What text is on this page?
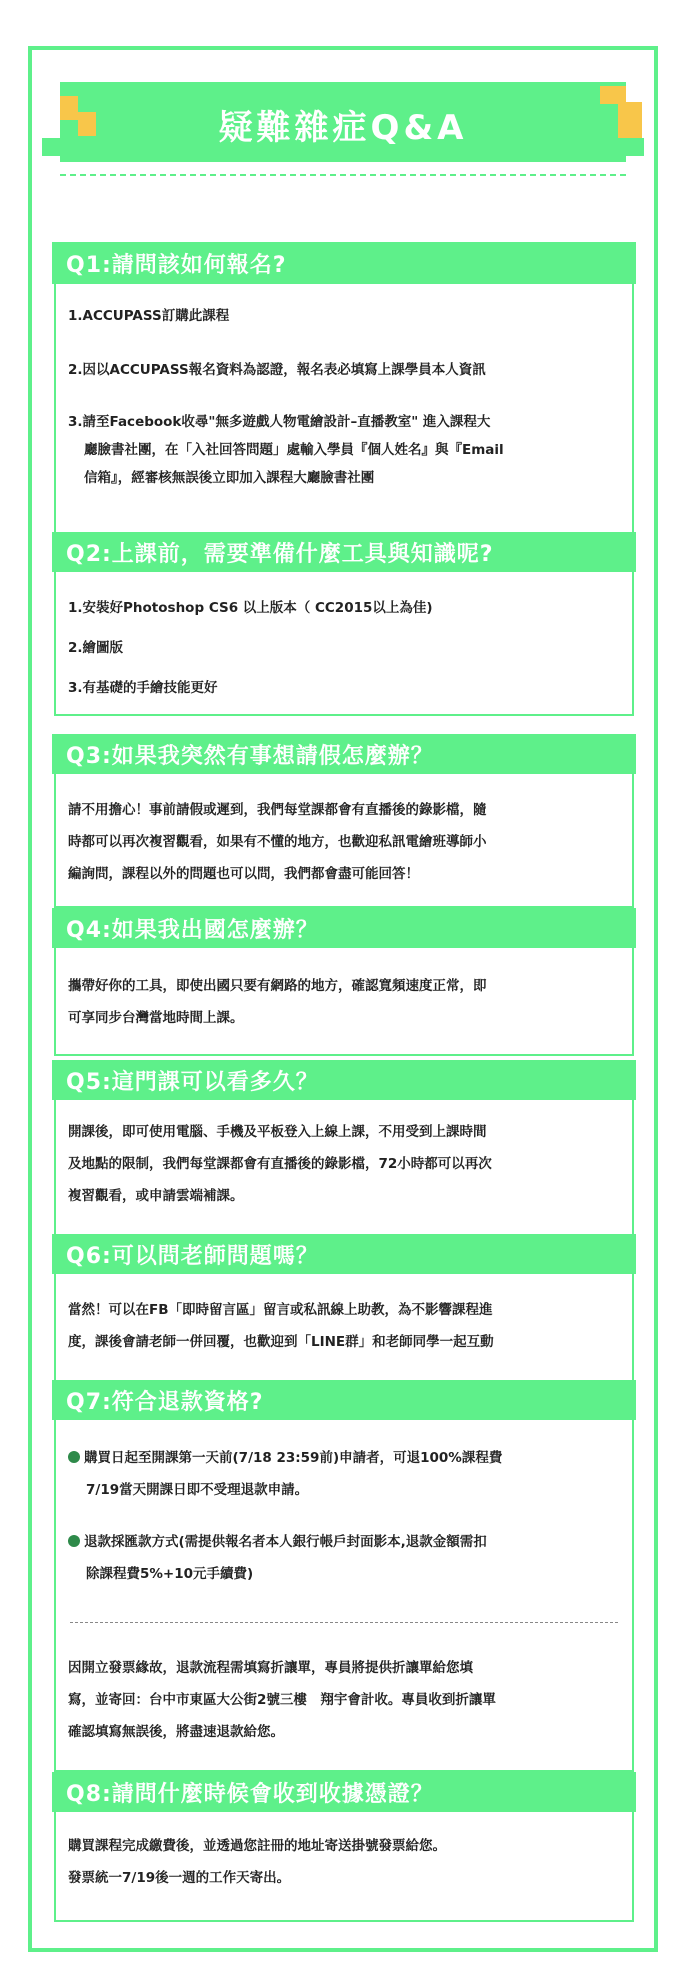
疑難雜症Q&A
Q1:請問該如何報名?
1.ACCUPASS訂購此課程
2.因以ACCUPASS報名資料為認證，報名表必填寫上課學員本人資訊
3.請至Facebook收尋"無多遊戲人物電繪設計–直播教室" 進入課程大
廳臉書社團，在「入社回答問題」處輸入學員『個人姓名』與『Email
信箱』，經審核無誤後立即加入課程大廳臉書社團
Q2:上課前，需要準備什麼工具與知識呢?
1.安裝好Photoshop CS6 以上版本（ CC2015以上為佳)
2.繪圖版
3.有基礎的手繪技能更好
Q3:如果我突然有事想請假怎麼辦？
請不用擔心！事前請假或遲到，我們每堂課都會有直播後的錄影檔，隨
時都可以再次複習觀看，如果有不懂的地方，也歡迎私訊電繪班導師小
編詢問，課程以外的問題也可以問，我們都會盡可能回答！
Q4:如果我出國怎麼辦？
攜帶好你的工具，即使出國只要有網路的地方，確認寬頻速度正常，即
可享同步台灣當地時間上課。
Q5:這門課可以看多久？
開課後，即可使用電腦、手機及平板登入上線上課，不用受到上課時間
及地點的限制，我們每堂課都會有直播後的錄影檔，72小時都可以再次
複習觀看，或申請雲端補課。
Q6:可以問老師問題嗎？
當然！可以在FB「即時留言區」留言或私訊線上助教，為不影響課程進
度，課後會請老師一併回覆，也歡迎到「LINE群」和老師同學一起互動
Q7:符合退款資格?
購買日起至開課第一天前(7/18 23:59前)申請者，可退100%課程費
7/19當天開課日即不受理退款申請。
退款採匯款方式(需提供報名者本人銀行帳戶封面影本,退款金額需扣
除課程費5%+10元手續費)
因開立發票緣故，退款流程需填寫折讓單，專員將提供折讓單給您填
寫，並寄回：台中市東區大公街2號三樓　翔宇會計收。專員收到折讓單
確認填寫無誤後，將盡速退款給您。
Q8:請問什麼時候會收到收據憑證？
購買課程完成繳費後，並透過您註冊的地址寄送掛號發票給您。
發票統一7/19後一週的工作天寄出。
